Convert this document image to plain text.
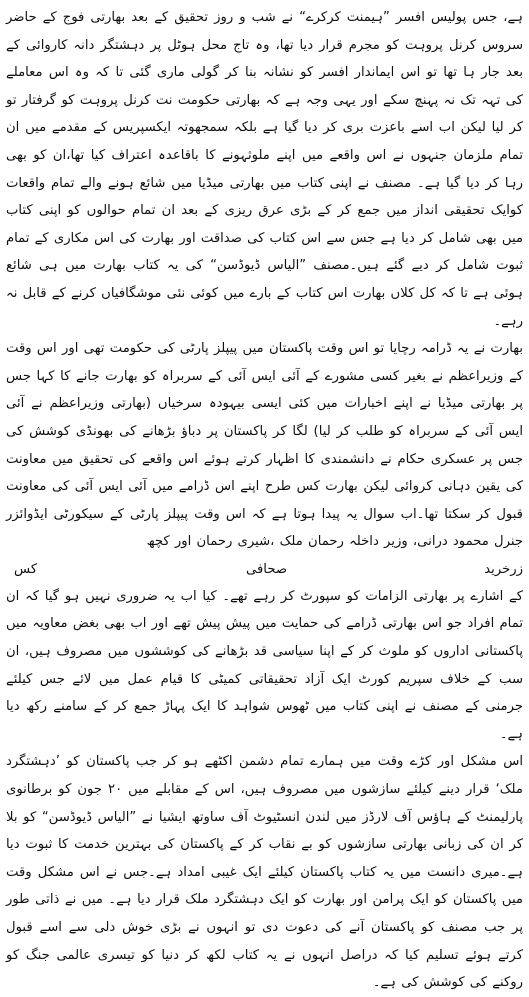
ہے، جس پولیس افسر ”ہیمنت کرکرے“ نے شب و روز تحقیق کے بعد بھارتی فوج کے حاضر سروس کرنل پروہت کو مجرم قرار دیا تھا، وہ تاج محل ہوٹل پر دہشتگر دانہ کاروائی کے بعد جار ہا تھا تو اس ایماندار افسر کو نشانہ بنا کر گولی ماری گئی تا کہ وہ اس معاملے کی تہہ تک نہ پہنچ سکے اور یہی وجہ ہے کہ بھارتی حکومت نت کرنل پروہت کو گرفتار تو کر لیا لیکن اب اسے باعزت بری کر دیا گیا ہے بلکہ سمجھوتہ ایکسپریس کے مقدمے میں ان تمام ملزمان جنہوں نے اس واقعے میں اپنے ملوثہونے کا باقاعدہ اعتراف کیا تھا،ان کو بھی رہا کر دیا گیا ہے۔ مصنف نے اپنی کتاب میں بھارتی میڈیا میں شائع ہونے والے تمام واقعات کوایک تحقیقی انداز میں جمع کر کے بڑی عرق ریزی کے بعد ان تمام حوالوں کو اپنی کتاب میں بھی شامل کر دیا ہے جس سے اس کتاب کی صداقت اور بھارت کی اس مکاری کے تمام ثبوت شامل کر دیے گئے ہیں۔مصنف ”الیاس ڈیوڈسن“ کی یہ کتاب بھارت میں ہی شائع ہوئی ہے تا کہ کل کلاں بھارت اس کتاب کے بارے میں کوئی نئی موشگافیاں کرنے کے قابل نہ رہے۔

بھارت نے یہ ڈرامہ رچایا تو اس وقت پاکستان میں پیپلز پارٹی کی حکومت تھی اور اس وقت کے وزیراعظم نے بغیر کسی مشورے کے آئی ایس آئی کے سربراہ کو بھارت جانے کا کہا جس پر بھارتی میڈیا نے اپنے اخبارات میں کئی ایسی بیہودہ سرخیاں (بھارتی وزیراعظم نے آئی ایس آئی کے سربراہ کو طلب کر لیا) لگا کر پاکستان پر دباؤ بڑھانے کی بھونڈی کوشش کی جس پر عسکری حکام نے دانشمندی کا اظہار کرتے ہوئے اس واقعے کی تحقیق میں معاونت کی یقین دہانی کروائی لیکن بھارت کس طرح اپنے اس ڈرامے میں آئی ایس آئی کی معاونت قبول کر سکتا تھا۔اب سوال یہ پیدا ہوتا ہے کہ اس وقت پیپلز پارٹی کے سیکورٹی ایڈوائزر جنرل محمود درانی، وزیر داخلہ رحمان ملک ،شیری رحمان اور کچھ

زرخرید
صحافی
کس

کے اشارے پر بھارتی الزامات کو سپورٹ کر رہے تھے۔ کیا اب یہ ضروری نہیں ہو گیا کہ ان تمام افراد جو اس بھارتی ڈرامے کی حمایت میں پیش پیش تھے اور اب بھی بغض معاویہ میں پاکستانی اداروں کو ملوث کر کے اپنا سیاسی قد بڑھانے کی کوششوں میں مصروف ہیں، ان سب کے خلاف سپریم کورٹ ایک آزاد تحقیقاتی کمیٹی کا قیام عمل میں لائے جس کیلئے جرمنی کے مصنف نے اپنی کتاب میں ٹھوس شواہد کا ایک پہاڑ جمع کر کے سامنے رکھ دیا ہے۔

اس مشکل اور کڑے وقت میں ہمارے تمام دشمن اکٹھے ہو کر جب پاکستان کو ’دہشتگرد ملک‘ قرار دینے کیلئے سازشوں میں مصروف ہیں، اس کے مقابلے میں ۲۰ جون کو برطانوی پارلیمنٹ کے ہاؤس آف لارڈز میں لندن انسٹیوٹ آف ساوتھ ایشیا نے ”الیاس ڈیوڈسن“ کو بلا کر ان کی زبانی بھارتی سازشوں کو بے نقاب کر کے پاکستان کی بہترین خدمت کا ثبوت دیا ہے۔میری دانست میں یہ کتاب پاکستان کیلئے ایک غیبی امداد ہے۔جس نے اس مشکل وقت میں پاکستان کو ایک پرامن اور بھارت کو ایک دہشتگرد ملک قرار دیا ہے۔ میں نے ذاتی طور پر جب مصنف کو پاکستان آنے کی دعوت دی تو انہوں نے بڑی خوش دلی سے اسے قبول کرتے ہوئے تسلیم کیا کہ دراصل انہوں نے یہ کتاب لکھ کر دنیا کو تیسری عالمی جنگ کو روکنے کی کوشش کی ہے۔
